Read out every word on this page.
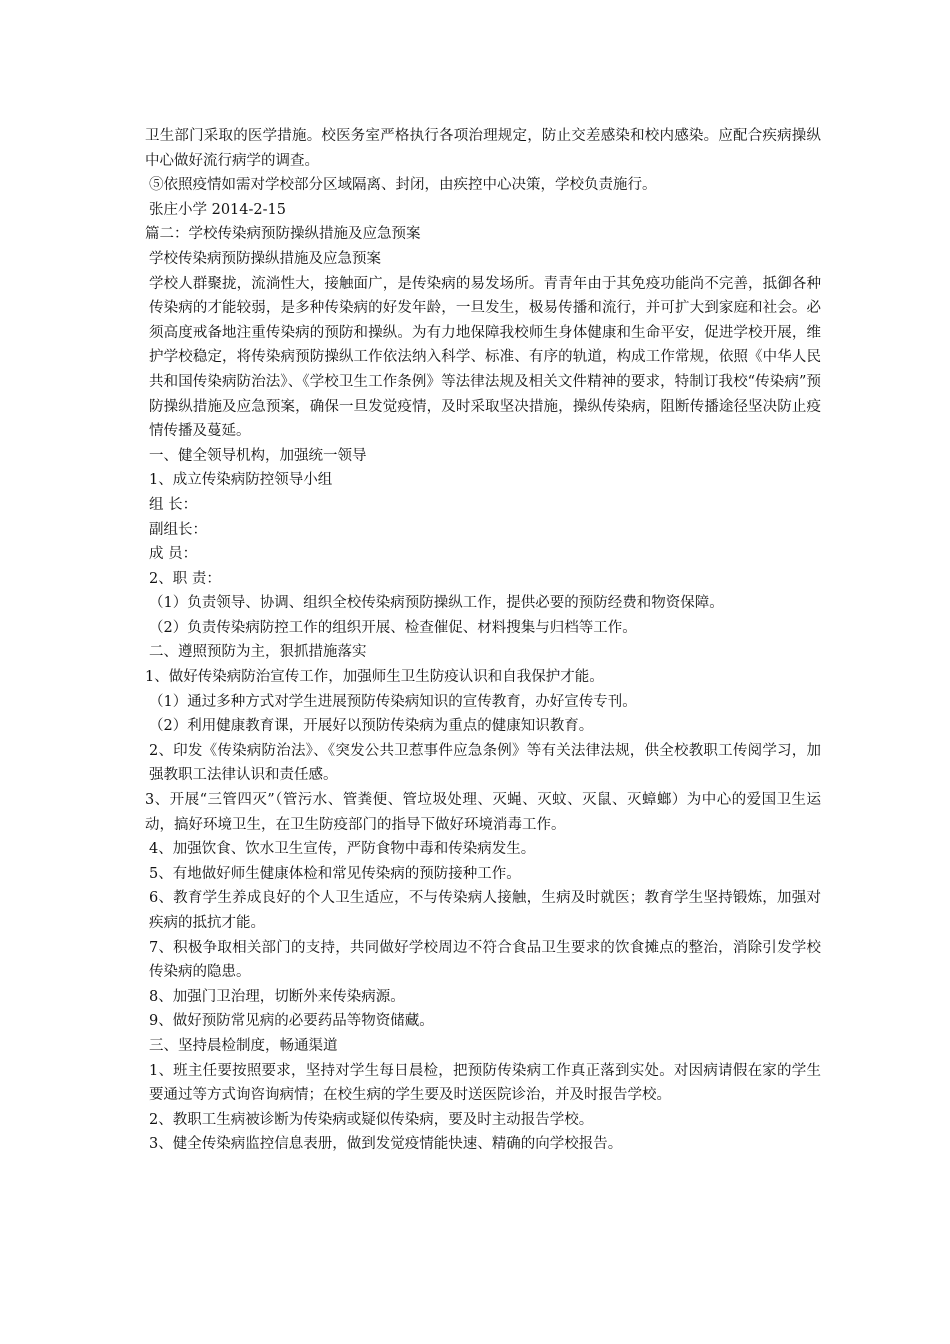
卫生部门采取的医学措施。校医务室严格执行各项治理规定，防止交差感染和校内感染。应配合疾病操纵中心做好流行病学的调查。

⑤依照疫情如需对学校部分区域隔离、封闭，由疾控中心决策，学校负责施行。

张庄小学 2014-2-15

篇二：学校传染病预防操纵措施及应急预案

学校传染病预防操纵措施及应急预案

学校人群聚拢，流淌性大，接触面广，是传染病的易发场所。青青年由于其免疫功能尚不完善，抵御各种传染病的才能较弱，是多种传染病的好发年龄，一旦发生，极易传播和流行，并可扩大到家庭和社会。必须高度戒备地注重传染病的预防和操纵。为有力地保障我校师生身体健康和生命平安，促进学校开展，维护学校稳定，将传染病预防操纵工作依法纳入科学、标准、有序的轨道，构成工作常规，依照《中华人民共和国传染病防治法》、《学校卫生工作条例》等法律法规及相关文件精神的要求，特制订我校“传染病”预防操纵措施及应急预案，确保一旦发觉疫情，及时采取坚决措施，操纵传染病，阻断传播途径坚决防止疫情传播及蔓延。

一、健全领导机构，加强统一领导

1、成立传染病防控领导小组

组 长：

副组长：

成 员：

2、职 责：

（1）负责领导、协调、组织全校传染病预防操纵工作，提供必要的预防经费和物资保障。

（2）负责传染病防控工作的组织开展、检查催促、材料搜集与归档等工作。

二、遵照预防为主，狠抓措施落实

1、做好传染病防治宣传工作，加强师生卫生防疫认识和自我保护才能。

（1）通过多种方式对学生进展预防传染病知识的宣传教育，办好宣传专刊。

（2）利用健康教育课，开展好以预防传染病为重点的健康知识教育。

2、印发《传染病防治法》、《突发公共卫惹事件应急条例》等有关法律法规，供全校教职工传阅学习，加强教职工法律认识和责任感。

3、开展“三管四灭”（管污水、管粪便、管垃圾处理、灭蝇、灭蚊、灭鼠、灭蟑螂）为中心的爱国卫生运动，搞好环境卫生，在卫生防疫部门的指导下做好环境消毒工作。

4、加强饮食、饮水卫生宣传，严防食物中毒和传染病发生。

5、有地做好师生健康体检和常见传染病的预防接种工作。

6、教育学生养成良好的个人卫生适应，不与传染病人接触，生病及时就医；教育学生坚持锻炼，加强对疾病的抵抗才能。

7、积极争取相关部门的支持，共同做好学校周边不符合食品卫生要求的饮食摊点的整治，消除引发学校传染病的隐患。

8、加强门卫治理，切断外来传染病源。

9、做好预防常见病的必要药品等物资储藏。

三、坚持晨检制度，畅通渠道

1、班主任要按照要求，坚持对学生每日晨检，把预防传染病工作真正落到实处。对因病请假在家的学生要通过等方式询咨询病情；在校生病的学生要及时送医院诊治，并及时报告学校。

2、教职工生病被诊断为传染病或疑似传染病，要及时主动报告学校。

3、健全传染病监控信息表册，做到发觉疫情能快速、精确的向学校报告。
